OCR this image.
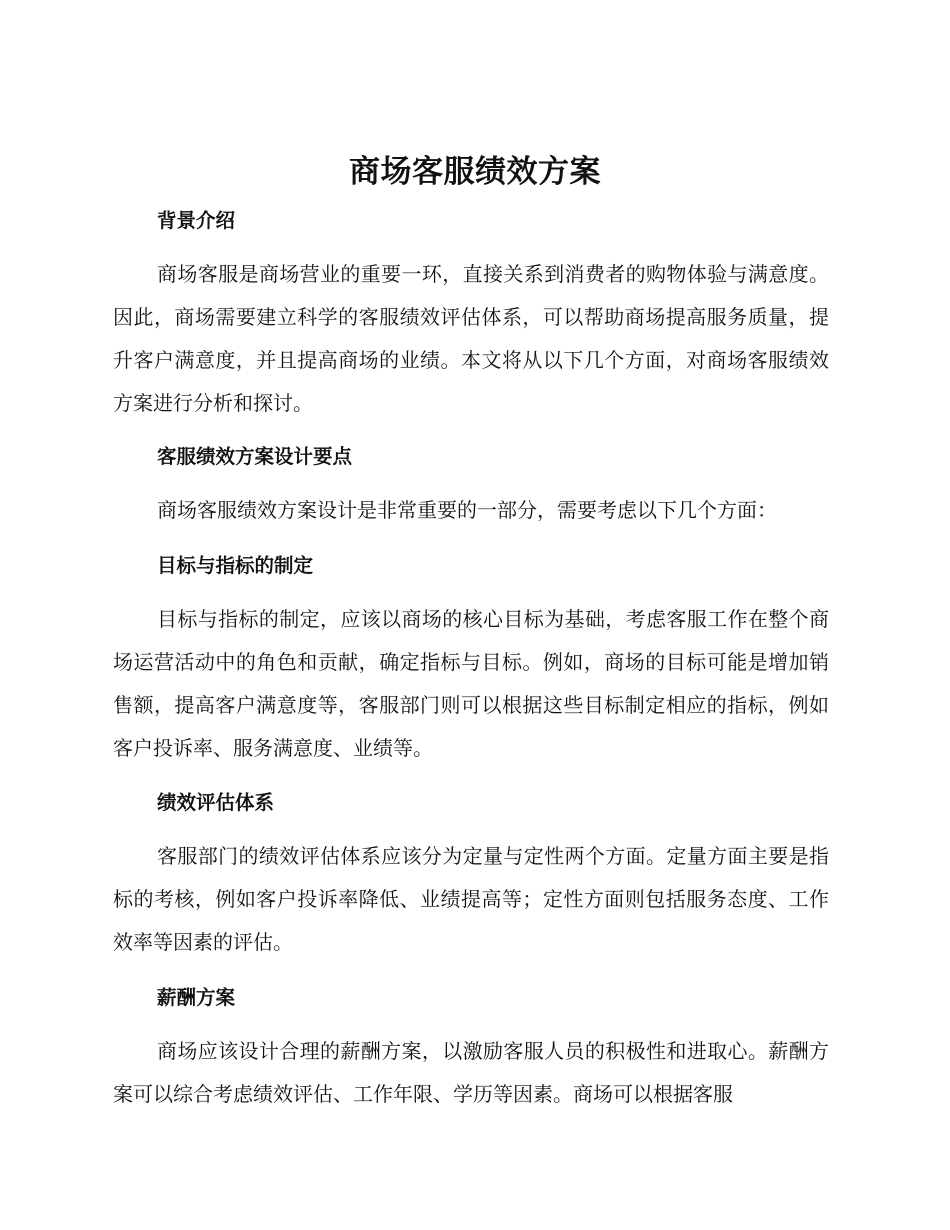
商场客服绩效方案
背景介绍

商场客服是商场营业的重要一环，直接关系到消费者的购物体验与满意度。因此，商场需要建立科学的客服绩效评估体系，可以帮助商场提高服务质量，提升客户满意度，并且提高商场的业绩。本文将从以下几个方面，对商场客服绩效方案进行分析和探讨。

客服绩效方案设计要点

商场客服绩效方案设计是非常重要的一部分，需要考虑以下几个方面：

目标与指标的制定

目标与指标的制定，应该以商场的核心目标为基础，考虑客服工作在整个商场运营活动中的角色和贡献，确定指标与目标。例如，商场的目标可能是增加销售额，提高客户满意度等，客服部门则可以根据这些目标制定相应的指标，例如客户投诉率、服务满意度、业绩等。

绩效评估体系

客服部门的绩效评估体系应该分为定量与定性两个方面。定量方面主要是指标的考核，例如客户投诉率降低、业绩提高等；定性方面则包括服务态度、工作效率等因素的评估。

薪酬方案

商场应该设计合理的薪酬方案，以激励客服人员的积极性和进取心。薪酬方案可以综合考虑绩效评估、工作年限、学历等因素。商场可以根据客服
